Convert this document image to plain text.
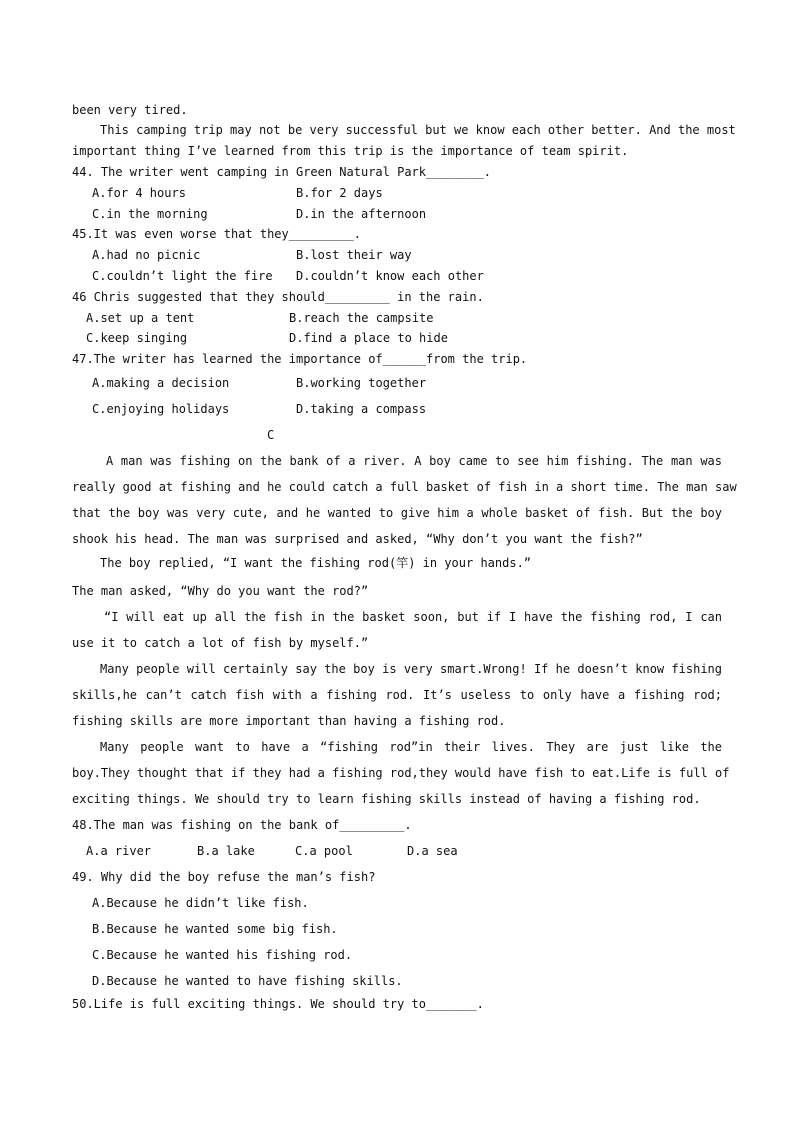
been very tired.
This camping trip may not be very successful but we know each other better. And the most
important thing I’ve learned from this trip is the importance of team spirit.
44. The writer went camping in Green Natural Park________.
A.for 4 hours	B.for 2 days
C.in the morning	D.in the afternoon
45.It was even worse that they_________.
A.had no picnic	B.lost their way
C.couldn’t light the fire D.couldn’t know each other
46 Chris suggested that they should_________ in the rain.
A.set up a tent	B.reach the campsite
C.keep singing	D.find a place to hide
47.The writer has learned the importance of______from the trip.
A.making a decision	B.working together
C.enjoying holidays	D.taking a compass
C
A man was fishing on the bank of a river. A boy came to see him fishing. The man was
really good at fishing and he could catch a full basket of fish in a short time. The man saw
that the boy was very cute, and he wanted to give him a whole basket of fish. But the boy
shook his head. The man was surprised and asked, “Why don’t you want the fish?”
The boy replied, “I want the fishing rod(竿) in your hands.”
The man asked, “Why do you want the rod?”
“I will eat up all the fish in the basket soon, but if I have the fishing rod, I can
use it to catch a lot of fish by myself.”
Many people will certainly say the boy is very smart.Wrong! If he doesn’t know fishing
skills,he can’t catch fish with a fishing rod. It’s useless to only have a fishing rod;
fishing skills are more important than having a fishing rod.
Many people want to have a “fishing rod”in their lives. They are just like the
boy.They thought that if they had a fishing rod,they would have fish to eat.Life is full of
exciting things. We should try to learn fishing skills instead of having a fishing rod.
48.The man was fishing on the bank of_________.
A.a river	B.a lake	C.a pool	D.a sea
49. Why did the boy refuse the man’s fish?
A.Because he didn’t like fish.
B.Because he wanted some big fish.
C.Because he wanted his fishing rod.
D.Because he wanted to have fishing skills.
50.Life is full exciting things. We should try to_______.
